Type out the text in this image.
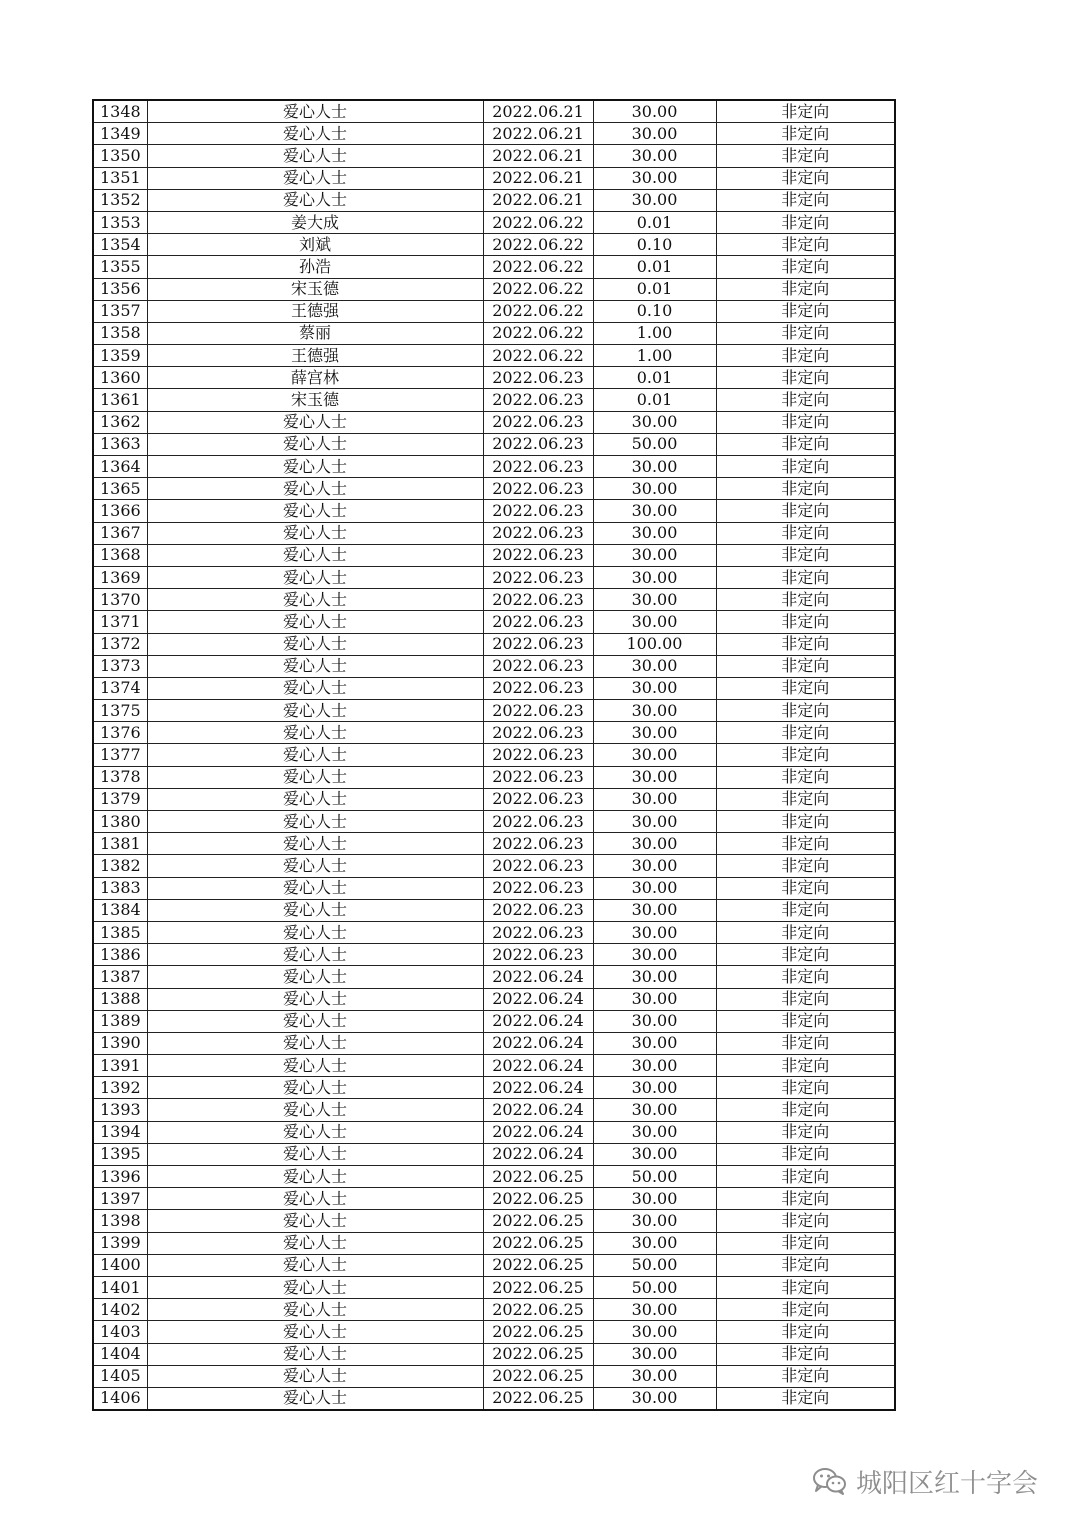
1348	爱心人士	2022.06.21	30.00	非定向
1349	爱心人士	2022.06.21	30.00	非定向
1350	爱心人士	2022.06.21	30.00	非定向
1351	爱心人士	2022.06.21	30.00	非定向
1352	爱心人士	2022.06.21	30.00	非定向
1353	姜大成	2022.06.22	0.01	非定向
1354	刘斌	2022.06.22	0.10	非定向
1355	孙浩	2022.06.22	0.01	非定向
1356	宋玉德	2022.06.22	0.01	非定向
1357	王德强	2022.06.22	0.10	非定向
1358	蔡丽	2022.06.22	1.00	非定向
1359	王德强	2022.06.22	1.00	非定向
1360	薛宫林	2022.06.23	0.01	非定向
1361	宋玉德	2022.06.23	0.01	非定向
1362	爱心人士	2022.06.23	30.00	非定向
1363	爱心人士	2022.06.23	50.00	非定向
1364	爱心人士	2022.06.23	30.00	非定向
1365	爱心人士	2022.06.23	30.00	非定向
1366	爱心人士	2022.06.23	30.00	非定向
1367	爱心人士	2022.06.23	30.00	非定向
1368	爱心人士	2022.06.23	30.00	非定向
1369	爱心人士	2022.06.23	30.00	非定向
1370	爱心人士	2022.06.23	30.00	非定向
1371	爱心人士	2022.06.23	30.00	非定向
1372	爱心人士	2022.06.23	100.00	非定向
1373	爱心人士	2022.06.23	30.00	非定向
1374	爱心人士	2022.06.23	30.00	非定向
1375	爱心人士	2022.06.23	30.00	非定向
1376	爱心人士	2022.06.23	30.00	非定向
1377	爱心人士	2022.06.23	30.00	非定向
1378	爱心人士	2022.06.23	30.00	非定向
1379	爱心人士	2022.06.23	30.00	非定向
1380	爱心人士	2022.06.23	30.00	非定向
1381	爱心人士	2022.06.23	30.00	非定向
1382	爱心人士	2022.06.23	30.00	非定向
1383	爱心人士	2022.06.23	30.00	非定向
1384	爱心人士	2022.06.23	30.00	非定向
1385	爱心人士	2022.06.23	30.00	非定向
1386	爱心人士	2022.06.23	30.00	非定向
1387	爱心人士	2022.06.24	30.00	非定向
1388	爱心人士	2022.06.24	30.00	非定向
1389	爱心人士	2022.06.24	30.00	非定向
1390	爱心人士	2022.06.24	30.00	非定向
1391	爱心人士	2022.06.24	30.00	非定向
1392	爱心人士	2022.06.24	30.00	非定向
1393	爱心人士	2022.06.24	30.00	非定向
1394	爱心人士	2022.06.24	30.00	非定向
1395	爱心人士	2022.06.24	30.00	非定向
1396	爱心人士	2022.06.25	50.00	非定向
1397	爱心人士	2022.06.25	30.00	非定向
1398	爱心人士	2022.06.25	30.00	非定向
1399	爱心人士	2022.06.25	30.00	非定向
1400	爱心人士	2022.06.25	50.00	非定向
1401	爱心人士	2022.06.25	50.00	非定向
1402	爱心人士	2022.06.25	30.00	非定向
1403	爱心人士	2022.06.25	30.00	非定向
1404	爱心人士	2022.06.25	30.00	非定向
1405	爱心人士	2022.06.25	30.00	非定向
1406	爱心人士	2022.06.25	30.00	非定向
城阳区红十字会
